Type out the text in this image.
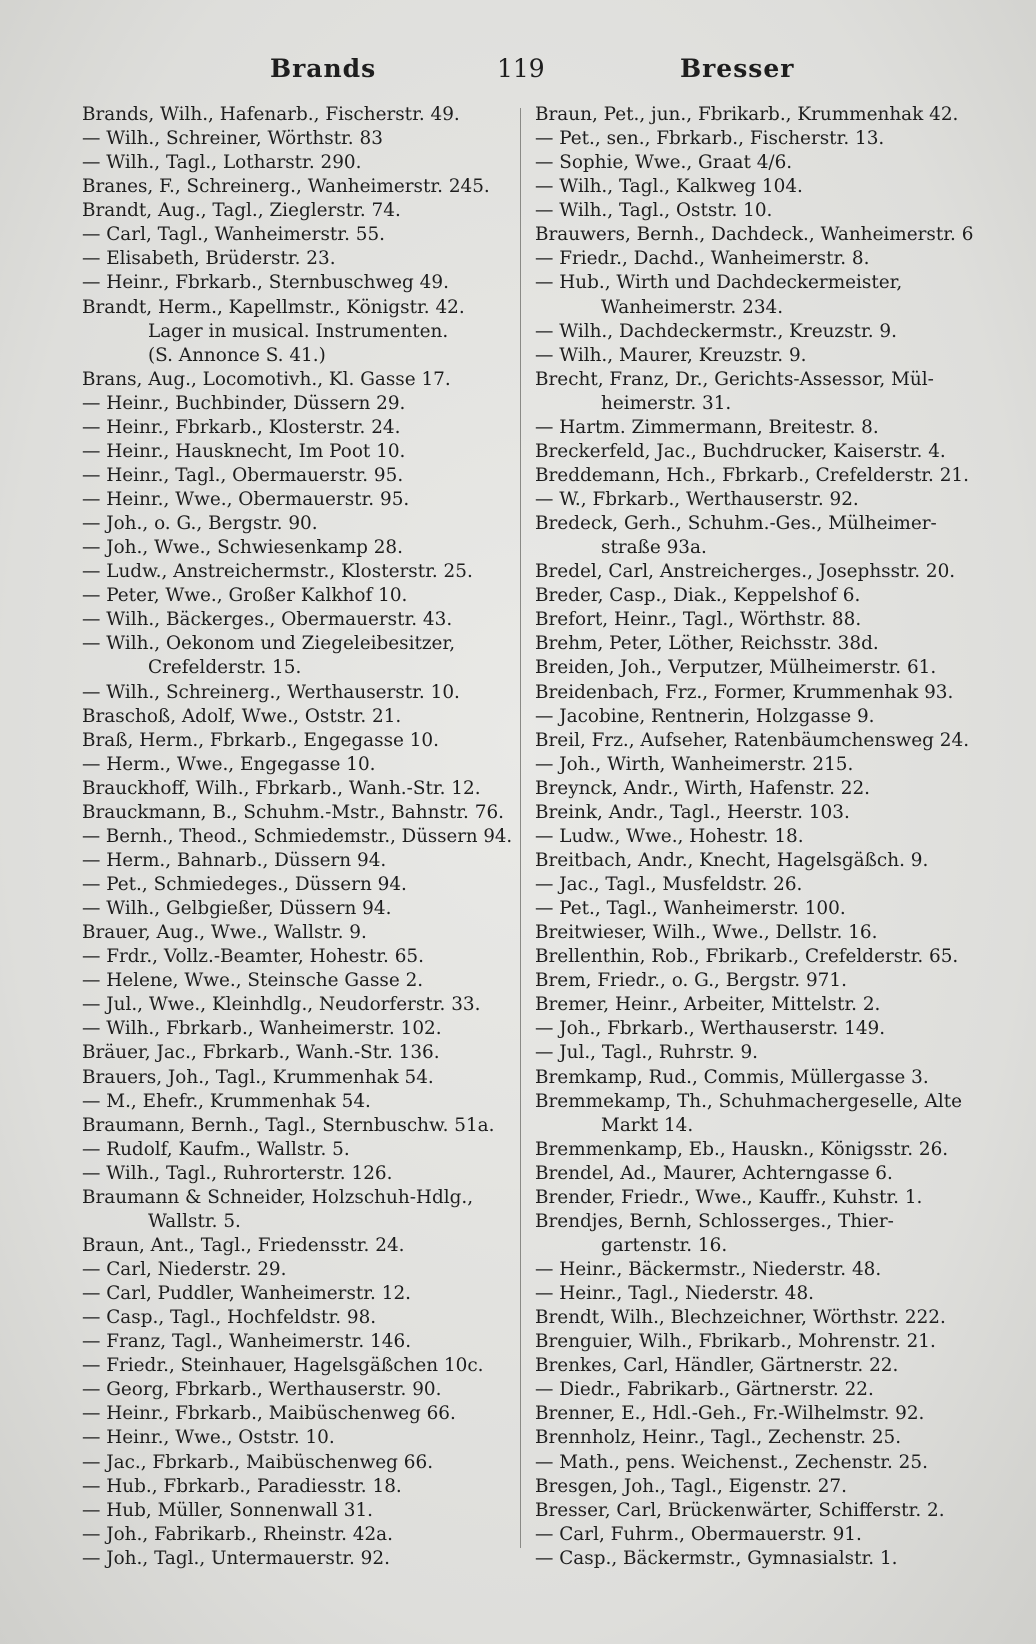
Brands	119	Bresser
Brands, Wilh., Hafenarb., Fischerstr. 49.
— Wilh., Schreiner, Wörthstr. 83
— Wilh., Tagl., Lotharstr. 290.
Branes, F., Schreinerg., Wanheimerstr. 245.
Brandt, Aug., Tagl., Zieglerstr. 74.
— Carl, Tagl., Wanheimerstr. 55.
— Elisabeth, Brüderstr. 23.
— Heinr., Fbrkarb., Sternbuschweg 49.
Brandt, Herm., Kapellmstr., Königstr. 42.
Lager in musical. Instrumenten.
(S. Annonce S. 41.)
Brans, Aug., Locomotivh., Kl. Gasse 17.
— Heinr., Buchbinder, Düssern 29.
— Heinr., Fbrkarb., Klosterstr. 24.
— Heinr., Hausknecht, Im Poot 10.
— Heinr., Tagl., Obermauerstr. 95.
— Heinr., Wwe., Obermauerstr. 95.
— Joh., o. G., Bergstr. 90.
— Joh., Wwe., Schwiesenkamp 28.
— Ludw., Anstreichermstr., Klosterstr. 25.
— Peter, Wwe., Großer Kalkhof 10.
— Wilh., Bäckerges., Obermauerstr. 43.
— Wilh., Oekonom und Ziegeleibesitzer,
Crefelderstr. 15.
— Wilh., Schreinerg., Werthauserstr. 10.
Braschoß, Adolf, Wwe., Oststr. 21.
Braß, Herm., Fbrkarb., Engegasse 10.
— Herm., Wwe., Engegasse 10.
Brauckhoff, Wilh., Fbrkarb., Wanh.-Str. 12.
Brauckmann, B., Schuhm.-Mstr., Bahnstr. 76.
— Bernh., Theod., Schmiedemstr., Düssern 94.
— Herm., Bahnarb., Düssern 94.
— Pet., Schmiedeges., Düssern 94.
— Wilh., Gelbgießer, Düssern 94.
Brauer, Aug., Wwe., Wallstr. 9.
— Frdr., Vollz.-Beamter, Hohestr. 65.
— Helene, Wwe., Steinsche Gasse 2.
— Jul., Wwe., Kleinhdlg., Neudorferstr. 33.
— Wilh., Fbrkarb., Wanheimerstr. 102.
Bräuer, Jac., Fbrkarb., Wanh.-Str. 136.
Brauers, Joh., Tagl., Krummenhak 54.
— M., Ehefr., Krummenhak 54.
Braumann, Bernh., Tagl., Sternbuschw. 51a.
— Rudolf, Kaufm., Wallstr. 5.
— Wilh., Tagl., Ruhrorterstr. 126.
Braumann & Schneider, Holzschuh-Hdlg.,
Wallstr. 5.
Braun, Ant., Tagl., Friedensstr. 24.
— Carl, Niederstr. 29.
— Carl, Puddler, Wanheimerstr. 12.
— Casp., Tagl., Hochfeldstr. 98.
— Franz, Tagl., Wanheimerstr. 146.
— Friedr., Steinhauer, Hagelsgäßchen 10c.
— Georg, Fbrkarb., Werthauserstr. 90.
— Heinr., Fbrkarb., Maibüschenweg 66.
— Heinr., Wwe., Oststr. 10.
— Jac., Fbrkarb., Maibüschenweg 66.
— Hub., Fbrkarb., Paradiesstr. 18.
— Hub, Müller, Sonnenwall 31.
— Joh., Fabrikarb., Rheinstr. 42a.
— Joh., Tagl., Untermauerstr. 92.
Braun, Pet., jun., Fbrikarb., Krummenhak 42.
— Pet., sen., Fbrkarb., Fischerstr. 13.
— Sophie, Wwe., Graat 4/6.
— Wilh., Tagl., Kalkweg 104.
— Wilh., Tagl., Oststr. 10.
Brauwers, Bernh., Dachdeck., Wanheimerstr. 6
— Friedr., Dachd., Wanheimerstr. 8.
— Hub., Wirth und Dachdeckermeister,
Wanheimerstr. 234.
— Wilh., Dachdeckermstr., Kreuzstr. 9.
— Wilh., Maurer, Kreuzstr. 9.
Brecht, Franz, Dr., Gerichts-Assessor, Mül-
heimerstr. 31.
— Hartm. Zimmermann, Breitestr. 8.
Breckerfeld, Jac., Buchdrucker, Kaiserstr. 4.
Breddemann, Hch., Fbrkarb., Crefelderstr. 21.
— W., Fbrkarb., Werthauserstr. 92.
Bredeck, Gerh., Schuhm.-Ges., Mülheimer-
straße 93a.
Bredel, Carl, Anstreicherges., Josephsstr. 20.
Breder, Casp., Diak., Keppelshof 6.
Brefort, Heinr., Tagl., Wörthstr. 88.
Brehm, Peter, Löther, Reichsstr. 38d.
Breiden, Joh., Verputzer, Mülheimerstr. 61.
Breidenbach, Frz., Former, Krummenhak 93.
— Jacobine, Rentnerin, Holzgasse 9.
Breil, Frz., Aufseher, Ratenbäumchensweg 24.
— Joh., Wirth, Wanheimerstr. 215.
Breynck, Andr., Wirth, Hafenstr. 22.
Breink, Andr., Tagl., Heerstr. 103.
— Ludw., Wwe., Hohestr. 18.
Breitbach, Andr., Knecht, Hagelsgäßch. 9.
— Jac., Tagl., Musfeldstr. 26.
— Pet., Tagl., Wanheimerstr. 100.
Breitwieser, Wilh., Wwe., Dellstr. 16.
Brellenthin, Rob., Fbrikarb., Crefelderstr. 65.
Brem, Friedr., o. G., Bergstr. 971.
Bremer, Heinr., Arbeiter, Mittelstr. 2.
— Joh., Fbrkarb., Werthauserstr. 149.
— Jul., Tagl., Ruhrstr. 9.
Bremkamp, Rud., Commis, Müllergasse 3.
Bremmekamp, Th., Schuhmachergeselle, Alte
Markt 14.
Bremmenkamp, Eb., Hauskn., Königsstr. 26.
Brendel, Ad., Maurer, Achterngasse 6.
Brender, Friedr., Wwe., Kauffr., Kuhstr. 1.
Brendjes, Bernh, Schlosserges., Thier-
gartenstr. 16.
— Heinr., Bäckermstr., Niederstr. 48.
— Heinr., Tagl., Niederstr. 48.
Brendt, Wilh., Blechzeichner, Wörthstr. 222.
Brenguier, Wilh., Fbrikarb., Mohrenstr. 21.
Brenkes, Carl, Händler, Gärtnerstr. 22.
— Diedr., Fabrikarb., Gärtnerstr. 22.
Brenner, E., Hdl.-Geh., Fr.-Wilhelmstr. 92.
Brennholz, Heinr., Tagl., Zechenstr. 25.
— Math., pens. Weichenst., Zechenstr. 25.
Bresgen, Joh., Tagl., Eigenstr. 27.
Bresser, Carl, Brückenwärter, Schifferstr. 2.
— Carl, Fuhrm., Obermauerstr. 91.
— Casp., Bäckermstr., Gymnasialstr. 1.
